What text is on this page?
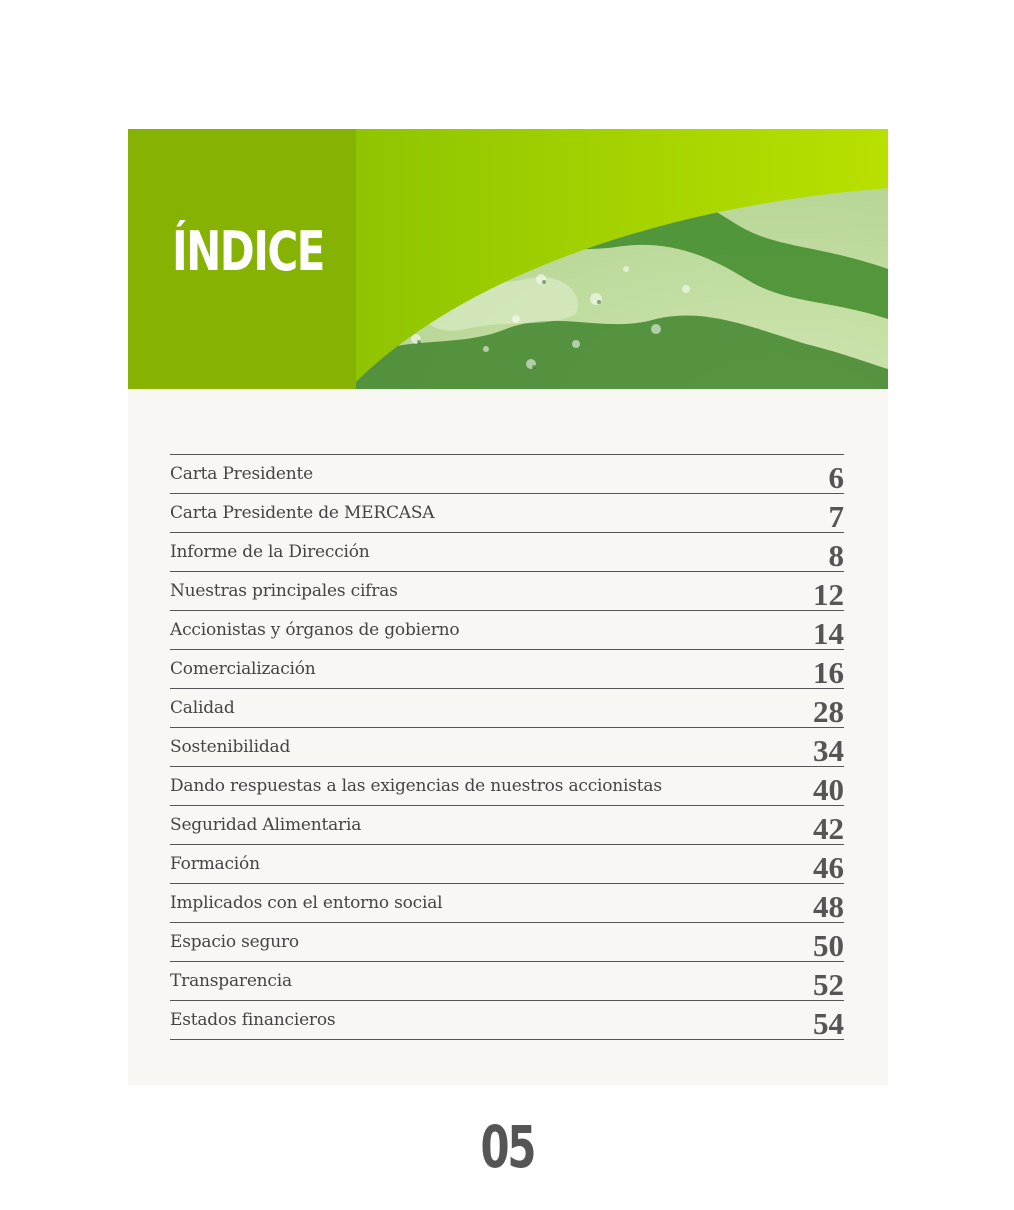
ÍNDICE
Carta Presidente	6
Carta Presidente de MERCASA	7
Informe de la Dirección	8
Nuestras principales cifras	12
Accionistas y órganos de gobierno	14
Comercialización	16
Calidad	28
Sostenibilidad	34
Dando respuestas a las exigencias de nuestros accionistas	40
Seguridad Alimentaria	42
Formación	46
Implicados con el entorno social	48
Espacio seguro	50
Transparencia	52
Estados financieros	54
05
